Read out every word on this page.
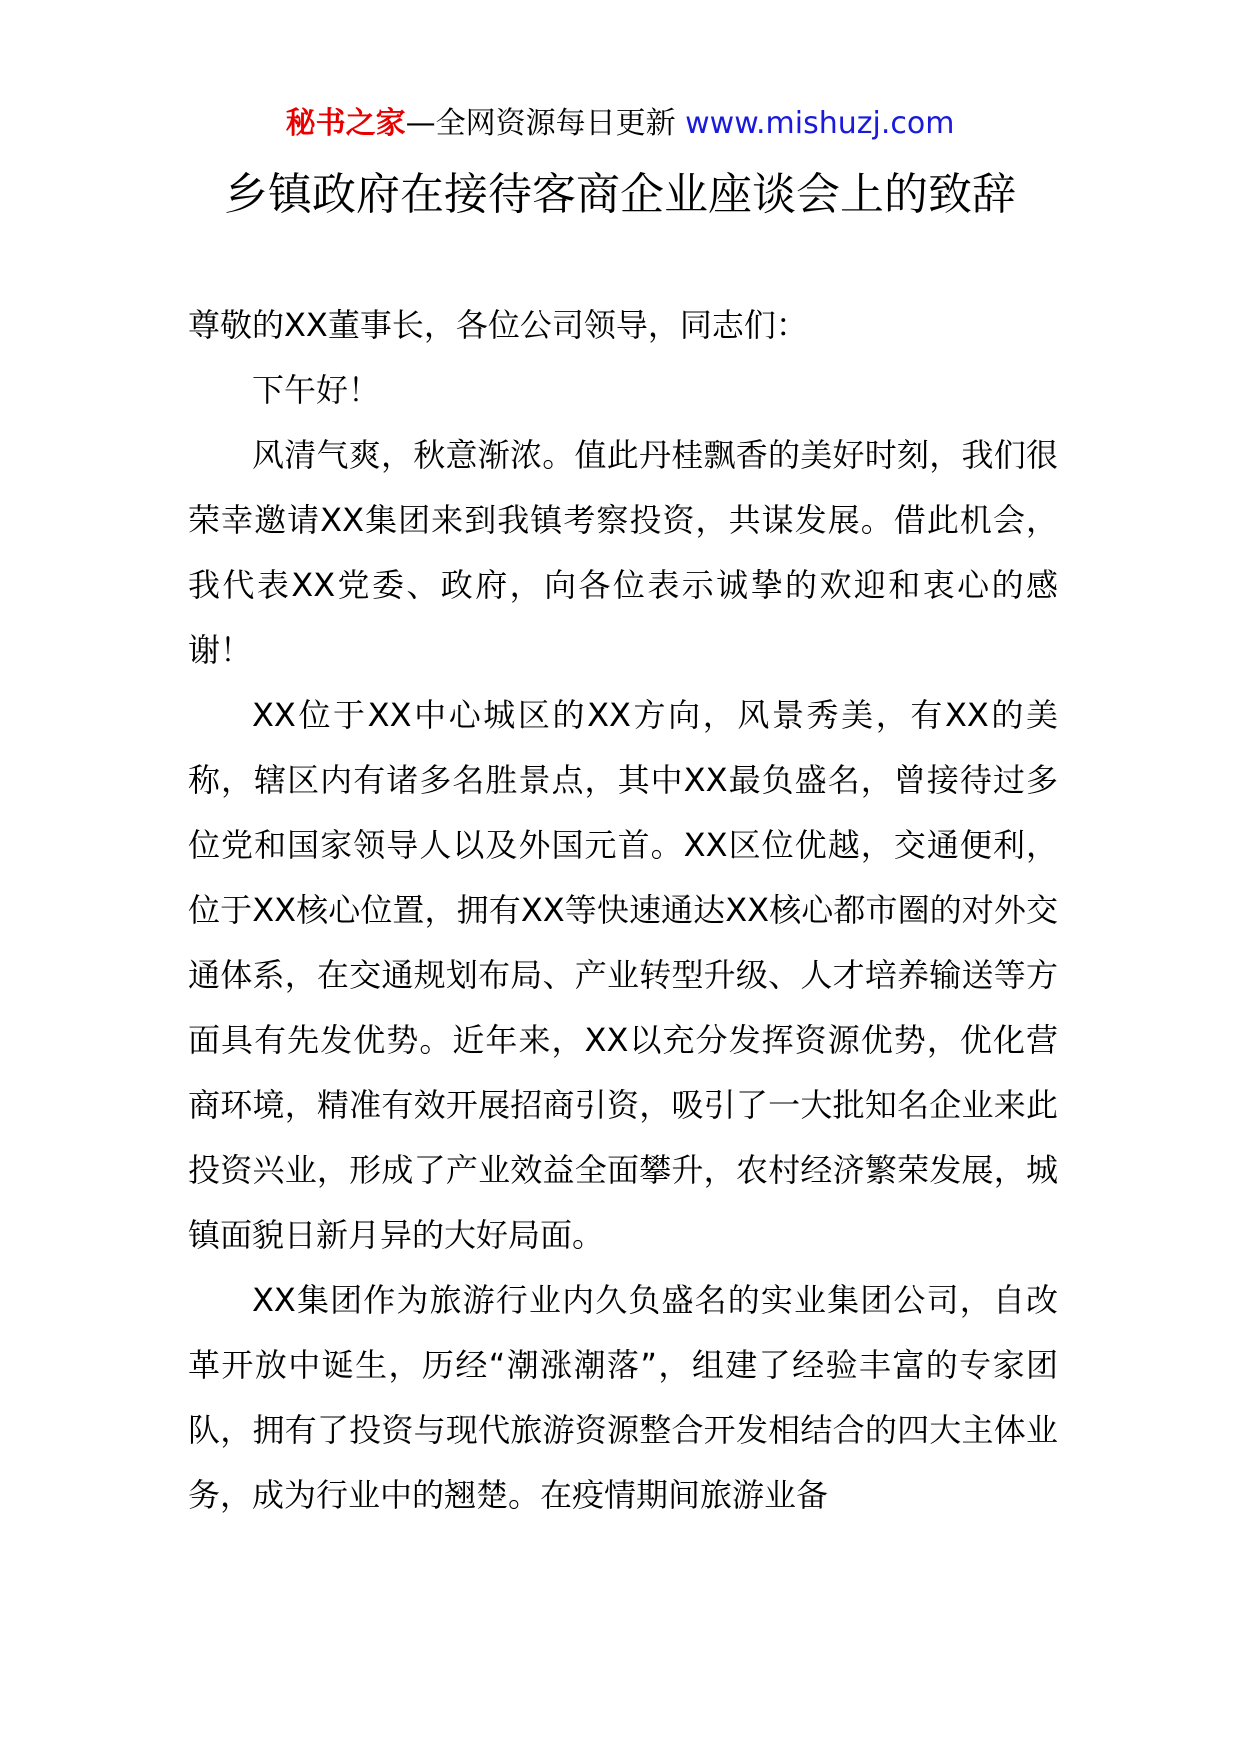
秘书之家—全网资源每日更新 www.mishuzj.com
乡镇政府在接待客商企业座谈会上的致辞

尊敬的XX董事长，各位公司领导，同志们：

下午好！

风清气爽，秋意渐浓。值此丹桂飘香的美好时刻，我们很荣幸邀请XX集团来到我镇考察投资，共谋发展。借此机会，我代表XX党委、政府，向各位表示诚挚的欢迎和衷心的感谢！

XX位于XX中心城区的XX方向，风景秀美，有XX的美称，辖区内有诸多名胜景点，其中XX最负盛名，曾接待过多位党和国家领导人以及外国元首。XX区位优越，交通便利，位于XX核心位置，拥有XX等快速通达XX核心都市圈的对外交通体系，在交通规划布局、产业转型升级、人才培养输送等方面具有先发优势。近年来，XX以充分发挥资源优势，优化营商环境，精准有效开展招商引资，吸引了一大批知名企业来此投资兴业，形成了产业效益全面攀升，农村经济繁荣发展，城镇面貌日新月异的大好局面。

XX集团作为旅游行业内久负盛名的实业集团公司，自改革开放中诞生，历经“潮涨潮落”，组建了经验丰富的专家团队，拥有了投资与现代旅游资源整合开发相结合的四大主体业务，成为行业中的翘楚。在疫情期间旅游业备
